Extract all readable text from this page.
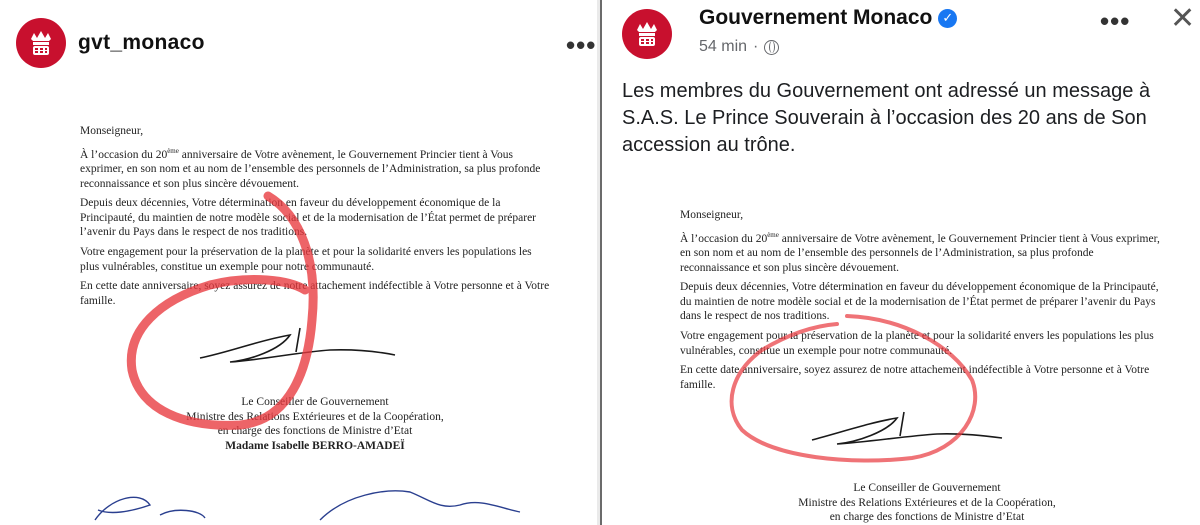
gvt_monaco	•••

Monseigneur,

À l’occasion du 20ème anniversaire de Votre avènement, le Gouvernement Princier tient à Vous exprimer, en son nom et au nom de l’ensemble des personnels de l’Administration, sa plus profonde reconnaissance et son plus sincère dévouement.

Depuis deux décennies, Votre détermination en faveur du développement économique de la Principauté, du maintien de notre modèle social et de la modernisation de l’État permet de préparer l’avenir du Pays dans le respect de nos traditions.

Votre engagement pour la préservation de la planète et pour la solidarité envers les populations les plus vulnérables, constitue un exemple pour notre communauté.

En cette date anniversaire, soyez assurez de notre attachement indéfectible à Votre personne et à Votre famille.

Le Conseiller de Gouvernement
Ministre des Relations Extérieures et de la Coopération,
en charge des fonctions de Ministre d’Etat
Madame Isabelle BERRO-AMADEÏ
Gouvernement Monaco ✓
54 min ·
••• ✕
Les membres du Gouvernement ont adressé un message à S.A.S. Le Prince Souverain à l’occasion des 20 ans de Son accession au trône.

Monseigneur,

À l’occasion du 20ème anniversaire de Votre avènement, le Gouvernement Princier tient à Vous exprimer, en son nom et au nom de l’ensemble des personnels de l’Administration, sa plus profonde reconnaissance et son plus sincère dévouement.

Depuis deux décennies, Votre détermination en faveur du développement économique de la Principauté, du maintien de notre modèle social et de la modernisation de l’État permet de préparer l’avenir du Pays dans le respect de nos traditions.

Votre engagement pour la préservation de la planète et pour la solidarité envers les populations les plus vulnérables, constitue un exemple pour notre communauté.

En cette date anniversaire, soyez assurez de notre attachement indéfectible à Votre personne et à Votre famille.

Le Conseiller de Gouvernement
Ministre des Relations Extérieures et de la Coopération,
en charge des fonctions de Ministre d’Etat
